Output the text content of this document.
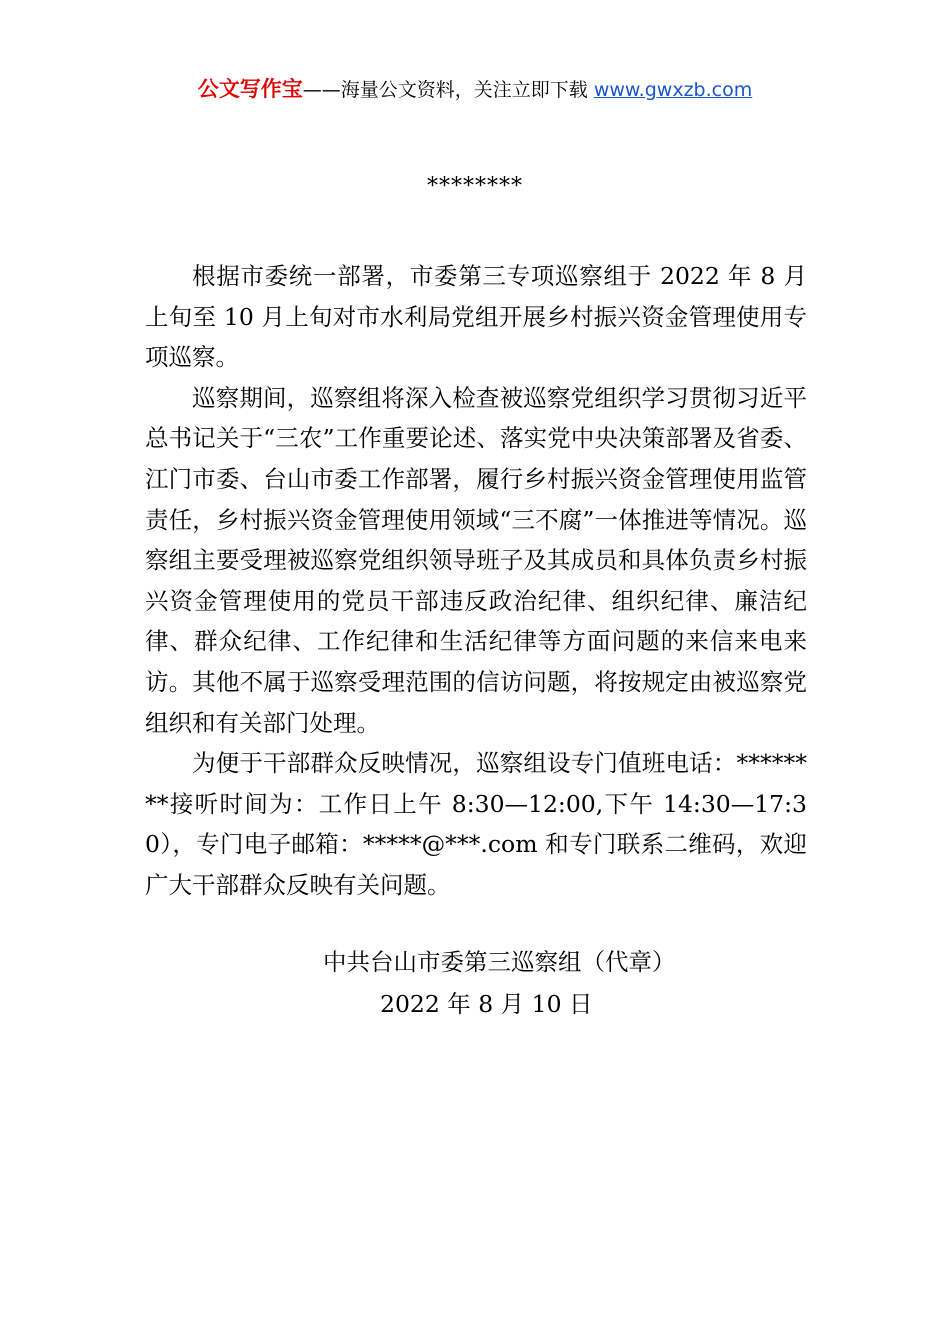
公文写作宝——海量公文资料，关注立即下载 www.gwxzb.com
********

根据市委统一部署，市委第三专项巡察组于 2022 年 8 月上旬至 10 月上旬对市水利局党组开展乡村振兴资金管理使用专项巡察。

巡察期间，巡察组将深入检查被巡察党组织学习贯彻习近平总书记关于“三农”工作重要论述、落实党中央决策部署及省委、江门市委、台山市委工作部署，履行乡村振兴资金管理使用监管责任，乡村振兴资金管理使用领域“三不腐”一体推进等情况。巡察组主要受理被巡察党组织领导班子及其成员和具体负责乡村振兴资金管理使用的党员干部违反政治纪律、组织纪律、廉洁纪律、群众纪律、工作纪律和生活纪律等方面问题的来信来电来访。其他不属于巡察受理范围的信访问题，将按规定由被巡察党组织和有关部门处理。

为便于干部群众反映情况，巡察组设专门值班电话：********接听时间为：工作日上午 8:30—12:00,下午 14:30—17:30），专门电子邮箱：*****@***.com 和专门联系二维码，欢迎广大干部群众反映有关问题。

中共台山市委第三巡察组（代章）
2022 年 8 月 10 日
